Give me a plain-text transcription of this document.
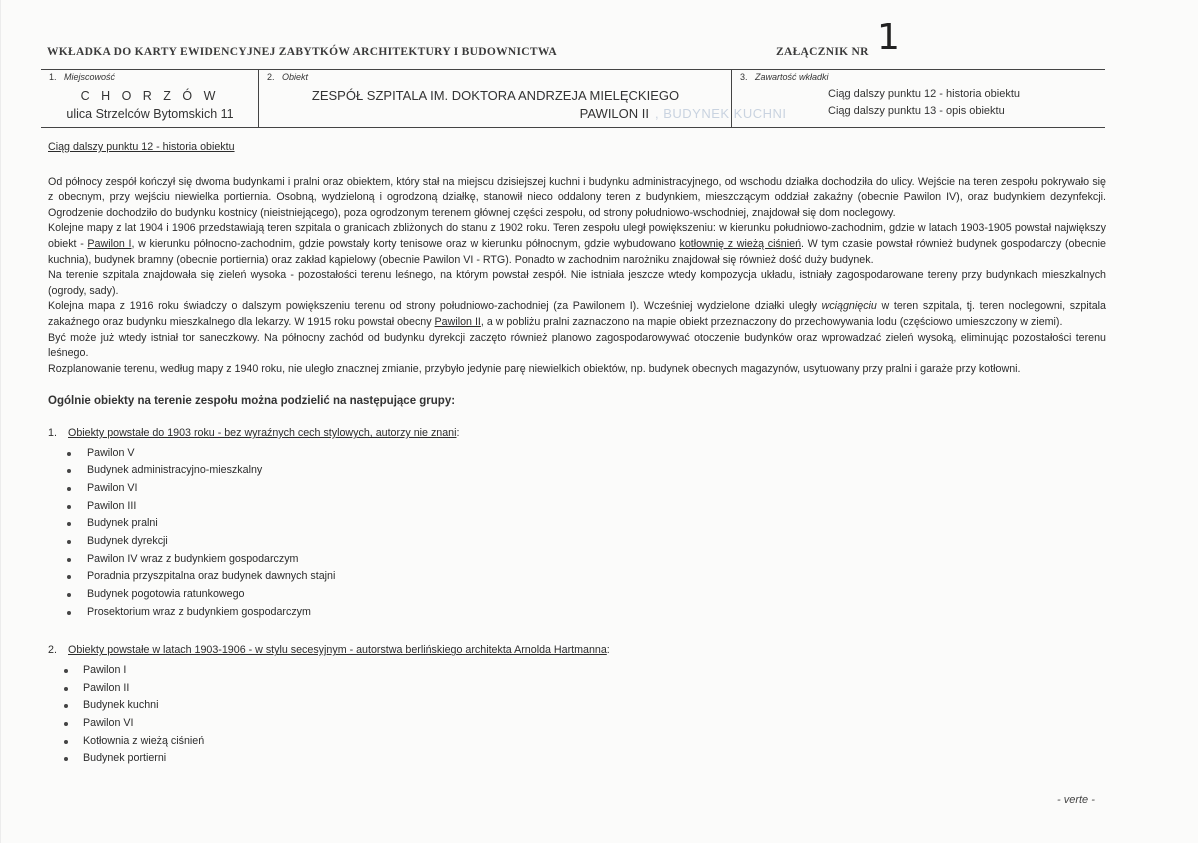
WKŁADKA DO KARTY EWIDENCYJNEJ ZABYTKÓW ARCHITEKTURY I BUDOWNICTWA	ZAŁĄCZNIK NR 1
1. Miejscowość
C H O R Z Ó W
ulica Strzelców Bytomskich 11
2. Obiekt
ZESPÓŁ SZPITALA IM. DOKTORA ANDRZEJA MIELĘCKIEGO
PAWILON II , BUDYNEK KUCHNI
3. Zawartość wkładki
Ciąg dalszy punktu 12 - historia obiektu
Ciąg dalszy punktu 13 - opis obiektu
Ciąg dalszy punktu 12 - historia obiektu

Od północy zespół kończył się dwoma budynkami i pralni oraz obiektem, który stał na miejscu dzisiejszej kuchni i budynku administracyjnego, od wschodu działka dochodziła do ulicy. Wejście na teren zespołu pokrywało się z obecnym, przy wejściu niewielka portiernia. Osobną, wydzieloną i ogrodzoną działkę, stanowił nieco oddalony teren z budynkiem, mieszczącym oddział zakaźny (obecnie Pawilon IV), oraz budynkiem dezynfekcji. Ogrodzenie dochodziło do budynku kostnicy (nieistniejącego), poza ogrodzonym terenem głównej części zespołu, od strony południowo-wschodniej, znajdował się dom noclegowy.

Kolejne mapy z lat 1904 i 1906 przedstawiają teren szpitala o granicach zbliżonych do stanu z 1902 roku. Teren zespołu uległ powiększeniu: w kierunku południowo-zachodnim, gdzie w latach 1903-1905 powstał największy obiekt - Pawilon I, w kierunku północno-zachodnim, gdzie powstały korty tenisowe oraz w kierunku północnym, gdzie wybudowano kotłownię z wieżą ciśnień. W tym czasie powstał również budynek gospodarczy (obecnie kuchnia), budynek bramny (obecnie portiernia) oraz zakład kąpielowy (obecnie Pawilon VI - RTG). Ponadto w zachodnim narożniku znajdował się również dość duży budynek.

Na terenie szpitala znajdowała się zieleń wysoka - pozostałości terenu leśnego, na którym powstał zespół. Nie istniała jeszcze wtedy kompozycja układu, istniały zagospodarowane tereny przy budynkach mieszkalnych (ogrody, sady).

Kolejna mapa z 1916 roku świadczy o dalszym powiększeniu terenu od strony południowo-zachodniej (za Pawilonem I). Wcześniej wydzielone działki uległy wciągnięciu w teren szpitala, tj. teren noclegowni, szpitala zakaźnego oraz budynku mieszkalnego dla lekarzy. W 1915 roku powstał obecny Pawilon II, a w pobliżu pralni zaznaczono na mapie obiekt przeznaczony do przechowywania lodu (częściowo umieszczony w ziemi).

Być może już wtedy istniał tor saneczkowy. Na północny zachód od budynku dyrekcji zaczęto również planowo zagospodarowywać otoczenie budynków oraz wprowadzać zieleń wysoką, eliminując pozostałości terenu leśnego.

Rozplanowanie terenu, według mapy z 1940 roku, nie uległo znacznej zmianie, przybyło jedynie parę niewielkich obiektów, np. budynek obecnych magazynów, usytuowany przy pralni i garaże przy kotłowni.

Ogólnie obiekty na terenie zespołu można podzielić na następujące grupy:
1. Obiekty powstałe do 1903 roku - bez wyraźnych cech stylowych, autorzy nie znani:
Pawilon V
Budynek administracyjno-mieszkalny
Pawilon VI
Pawilon III
Budynek pralni
Budynek dyrekcji
Pawilon IV wraz z budynkiem gospodarczym
Poradnia przyszpitalna oraz budynek dawnych stajni
Budynek pogotowia ratunkowego
Prosektorium wraz z budynkiem gospodarczym
2. Obiekty powstałe w latach 1903-1906 - w stylu secesyjnym - autorstwa berlińskiego architekta Arnolda Hartmanna:
Pawilon I
Pawilon II
Budynek kuchni
Pawilon VI
Kotłownia z wieżą ciśnień
Budynek portierni
- verte -
